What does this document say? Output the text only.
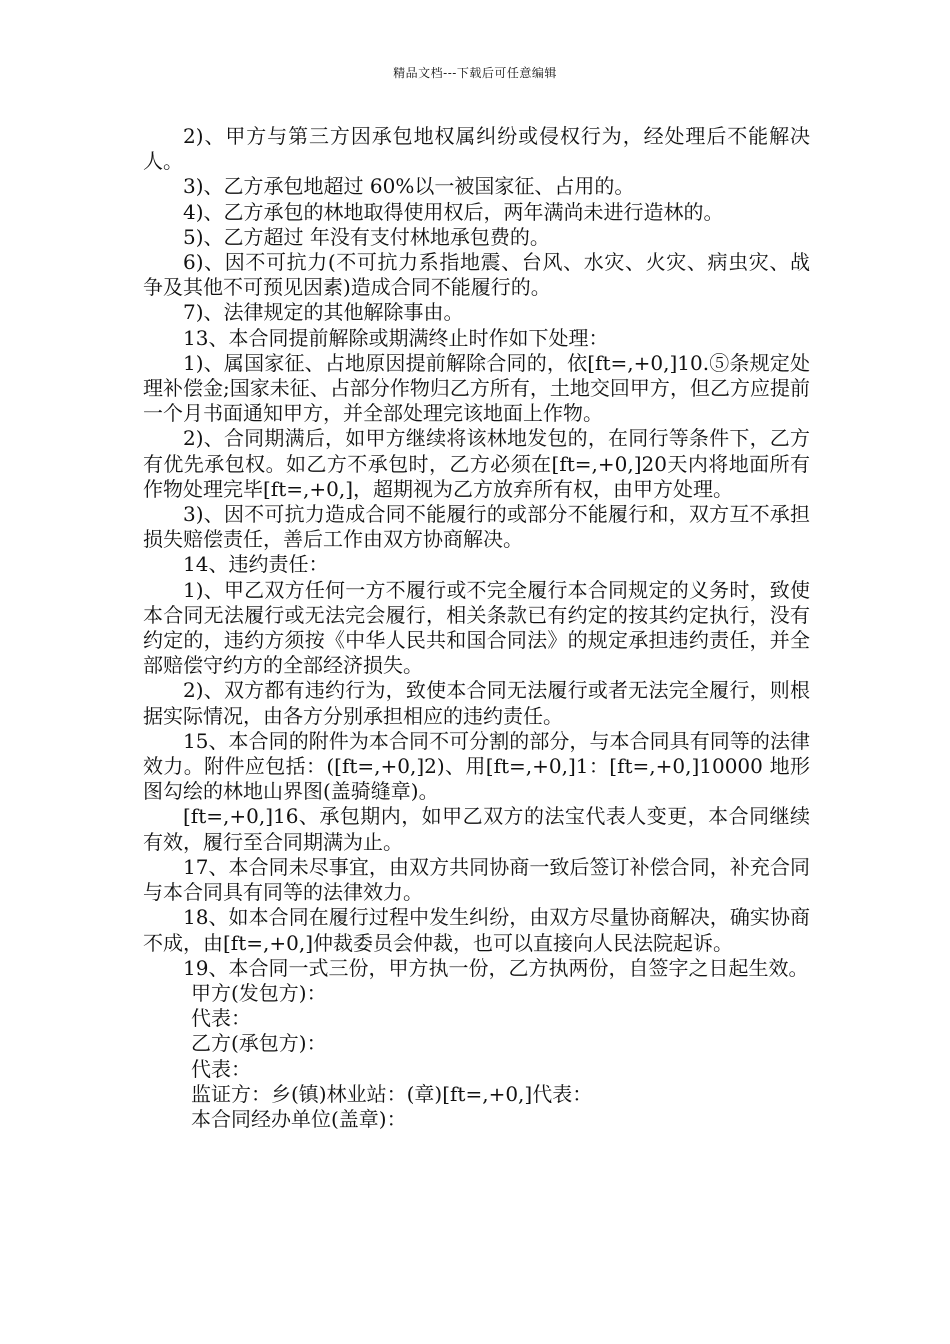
精品文档---下载后可任意编辑

2)、甲方与第三方因承包地权属纠纷或侵权行为，经处理后不能解决人。

3)、乙方承包地超过 60%以一被国家征、占用的。

4)、乙方承包的林地取得使用权后，两年满尚未进行造林的。

5)、乙方超过 年没有支付林地承包费的。

6)、因不可抗力(不可抗力系指地震、台风、水灾、火灾、病虫灾、战争及其他不可预见因素)造成合同不能履行的。

7)、法律规定的其他解除事由。

13、本合同提前解除或期满终止时作如下处理：

1)、属国家征、占地原因提前解除合同的，依[ft=,+0,]10.⑤条规定处理补偿金;国家未征、占部分作物归乙方所有，土地交回甲方，但乙方应提前一个月书面通知甲方，并全部处理完该地面上作物。

2)、合同期满后，如甲方继续将该林地发包的，在同行等条件下，乙方有优先承包权。如乙方不承包时，乙方必须在[ft=,+0,]20天内将地面所有作物处理完毕[ft=,+0,]，超期视为乙方放弃所有权，由甲方处理。

3)、因不可抗力造成合同不能履行的或部分不能履行和，双方互不承担损失赔偿责任，善后工作由双方协商解决。

14、违约责任：

1)、甲乙双方任何一方不履行或不完全履行本合同规定的义务时，致使本合同无法履行或无法完会履行，相关条款已有约定的按其约定执行，没有约定的，违约方须按《中华人民共和国合同法》的规定承担违约责任，并全部赔偿守约方的全部经济损失。

2)、双方都有违约行为，致使本合同无法履行或者无法完全履行，则根据实际情况，由各方分别承担相应的违约责任。

15、本合同的附件为本合同不可分割的部分，与本合同具有同等的法律效力。附件应包括：([ft=,+0,]2)、用[ft=,+0,]1：[ft=,+0,]10000 地形图勾绘的林地山界图(盖骑缝章)。

[ft=,+0,]16、承包期内，如甲乙双方的法宝代表人变更，本合同继续有效，履行至合同期满为止。

17、本合同未尽事宜，由双方共同协商一致后签订补偿合同，补充合同与本合同具有同等的法律效力。

18、如本合同在履行过程中发生纠纷，由双方尽量协商解决，确实协商不成，由[ft=,+0,]仲裁委员会仲裁，也可以直接向人民法院起诉。

19、本合同一式三份，甲方执一份，乙方执两份，自签字之日起生效。

甲方(发包方)：

代表：

乙方(承包方)：

代表：

监证方：乡(镇)林业站：(章)[ft=,+0,]代表：

本合同经办单位(盖章)：
